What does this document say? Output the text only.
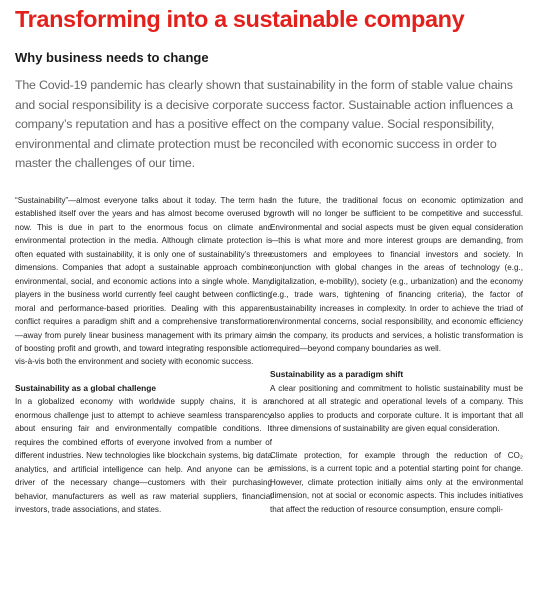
Transforming into a sustainable company
Why business needs to change

The Covid-19 pandemic has clearly shown that sustainability in the form of stable value chains and social responsibility is a decisive corporate success factor. Sustainable action influences a company’s reputation and has a positive effect on the company value. Social responsibility, environmental and climate protection must be reconciled with economic success in order to master the challenges of our time.

“Sustainability”—almost everyone talks about it today. The term has established itself over the years and has almost become overused by now. This is due in part to the enormous focus on climate and environmental protection in the media. Although climate protection is often equated with sustainability, it is only one of sustainability’s three dimensions. Companies that adopt a sustainable approach combine environmental, social, and economic actions into a single whole. Many players in the business world currently feel caught between conflicting moral and performance-based priorities. Dealing with this apparent conflict requires a paradigm shift and a comprehensive transformation—away from purely linear business management with its primary aims of boosting profit and growth, and toward integrating responsible action vis-à-vis both the environment and society with economic success.

Sustainability as a global challenge

In a globalized economy with worldwide supply chains, it is an enormous challenge just to attempt to achieve seamless transparency about ensuring fair and environmentally compatible conditions. It requires the combined efforts of everyone involved from a number of different industries. New technologies like blockchain systems, big data analytics, and artificial intelligence can help. And anyone can be a driver of the necessary change—customers with their purchasing behavior, manufacturers as well as raw material suppliers, financial investors, trade associations, and states.

In the future, the traditional focus on economic optimization and growth will no longer be sufficient to be competitive and successful. Environmental and social aspects must be given equal consideration—this is what more and more interest groups are demanding, from customers and employees to financial investors and society. In conjunction with global changes in the areas of technology (e.g., digitalization, e-mobility), society (e.g., urbanization) and the economy (e.g., trade wars, tightening of financing criteria), the factor of sustainability increases in complexity. In order to achieve the triad of environmental concerns, social responsibility, and economic efficiency in the company, its products and services, a holistic transformation is required—beyond company boundaries as well.

Sustainability as a paradigm shift

A clear positioning and commitment to holistic sustainability must be anchored at all strategic and operational levels of a company. This also applies to products and corporate culture. It is important that all three dimensions of sustainability are given equal consideration.

Climate protection, for example through the reduction of CO₂ emissions, is a current topic and a potential starting point for change. However, climate protection initially aims only at the environmental dimension, not at social or economic aspects. This includes initiatives that affect the reduction of resource consumption, ensure compli-
